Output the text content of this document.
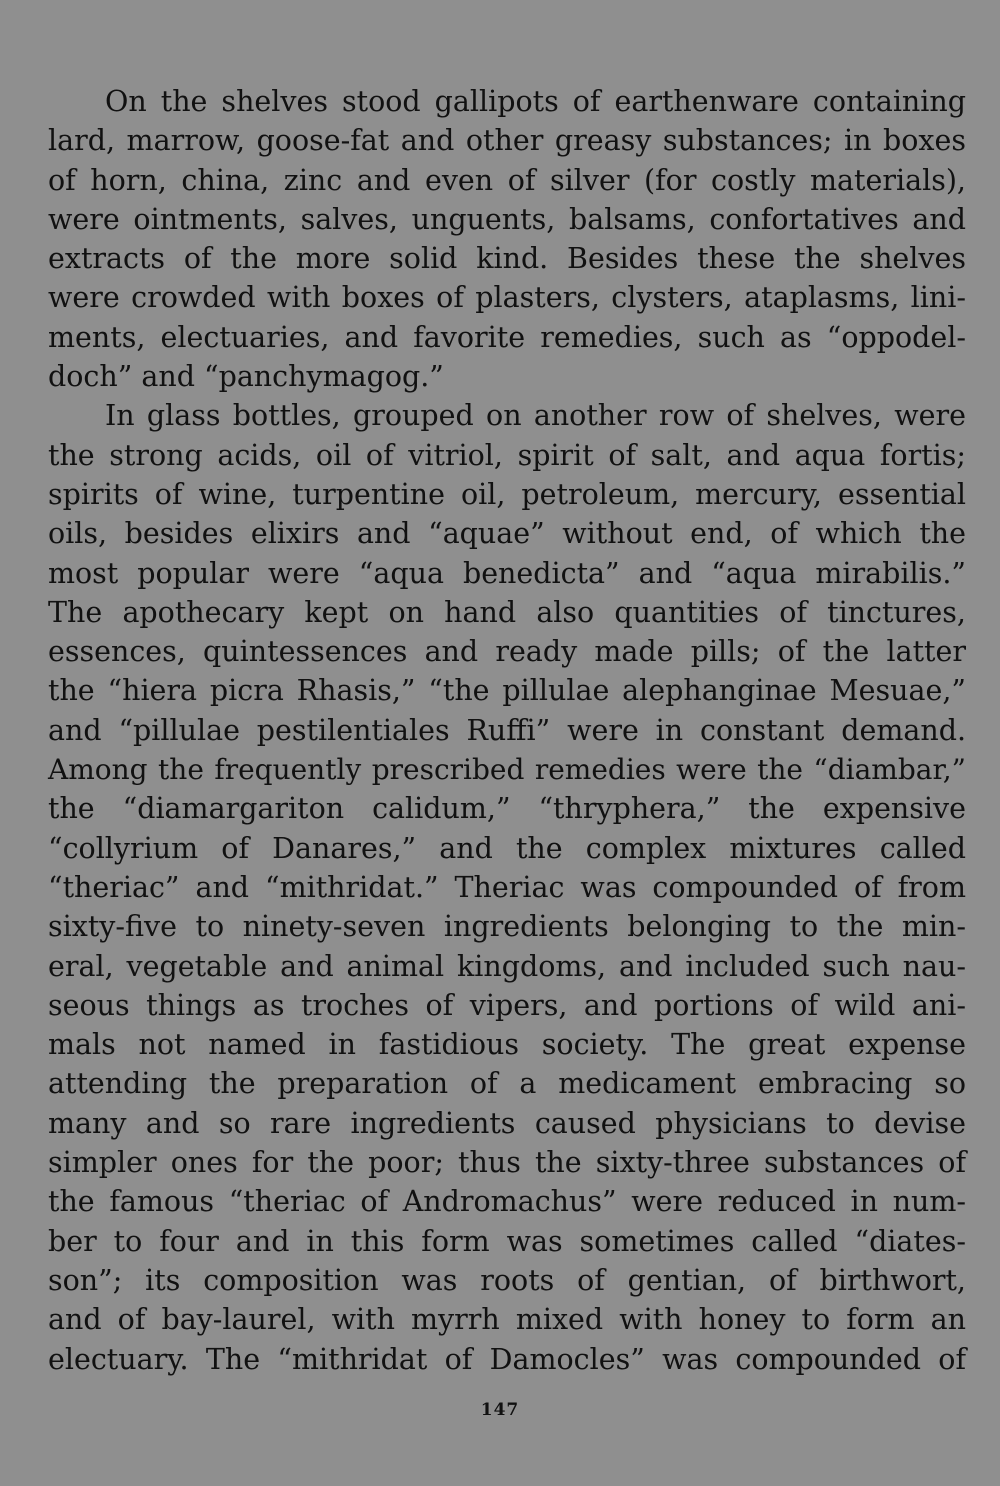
On the shelves stood gallipots of earthenware containing
lard, marrow, goose-fat and other greasy substances; in boxes
of horn, china, zinc and even of silver (for costly materials),
were ointments, salves, unguents, balsams, confortatives and
extracts of the more solid kind. Besides these the shelves
were crowded with boxes of plasters, clysters, ataplasms, lini-
ments, electuaries, and favorite remedies, such as “oppodel-
doch” and “panchymagog.”
In glass bottles, grouped on another row of shelves, were
the strong acids, oil of vitriol, spirit of salt, and aqua fortis;
spirits of wine, turpentine oil, petroleum, mercury, essential
oils, besides elixirs and “aquae” without end, of which the
most popular were “aqua benedicta” and “aqua mirabilis.”
The apothecary kept on hand also quantities of tinctures,
essences, quintessences and ready made pills; of the latter
the “hiera picra Rhasis,” “the pillulae alephanginae Mesuae,”
and “pillulae pestilentiales Ruffi” were in constant demand.
Among the frequently prescribed remedies were the “diambar,”
the “diamargariton calidum,” “thryphera,” the expensive
“collyrium of Danares,” and the complex mixtures called
“theriac” and “mithridat.” Theriac was compounded of from
sixty-five to ninety-seven ingredients belonging to the min-
eral, vegetable and animal kingdoms, and included such nau-
seous things as troches of vipers, and portions of wild ani-
mals not named in fastidious society. The great expense
attending the preparation of a medicament embracing so
many and so rare ingredients caused physicians to devise
simpler ones for the poor; thus the sixty-three substances of
the famous “theriac of Andromachus” were reduced in num-
ber to four and in this form was sometimes called “diates-
son”; its composition was roots of gentian, of birthwort,
and of bay-laurel, with myrrh mixed with honey to form an
electuary. The “mithridat of Damocles” was compounded of
147
